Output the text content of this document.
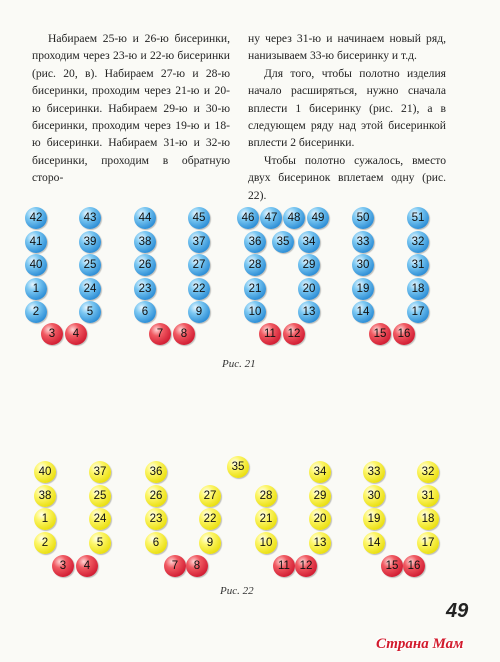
Набираем 25-ю и 26-ю бисеринки, проходим через 23-ю и 22-ю бисеринки (рис. 20, в). Набираем 27-ю и 28-ю бисеринки, проходим через 21-ю и 20-ю бисеринки. Набираем 29-ю и 30-ю бисеринки, проходим через 19-ю и 18-ю бисеринки. Набираем 31-ю и 32-ю бисеринки, проходим в обратную сторо-

ну через 31-ю и начинаем новый ряд, нанизываем 33-ю бисеринку и т.д.

Для того, чтобы полотно изделия начало расширяться, нужно сначала вплести 1 бисеринку (рис. 21), а в следующем ряду над этой бисеринкой вплести 2 бисеринки.

Чтобы полотно сужалось, вместо двух бисеринок вплетаем одну (рис. 22).

42
41
40
1
2
3	4
43
39
25
24
5
44
38
26
23
6
7	8
45
37
27
22
9
46 47 48 49
36	35	34
28	29
21	20
10	13
11	12
50
33
30
19
14
51
32
31
18
17
15 16
Рис. 21
40
38
1
2
3	4
37
25
24
5
36
26
23
6
7	8
27
22
9
35
28
21
10
11 12
34
29
20
13
33
30
19
14
32
31
18
17
15 16
Рис. 22
49
Страна Мам
